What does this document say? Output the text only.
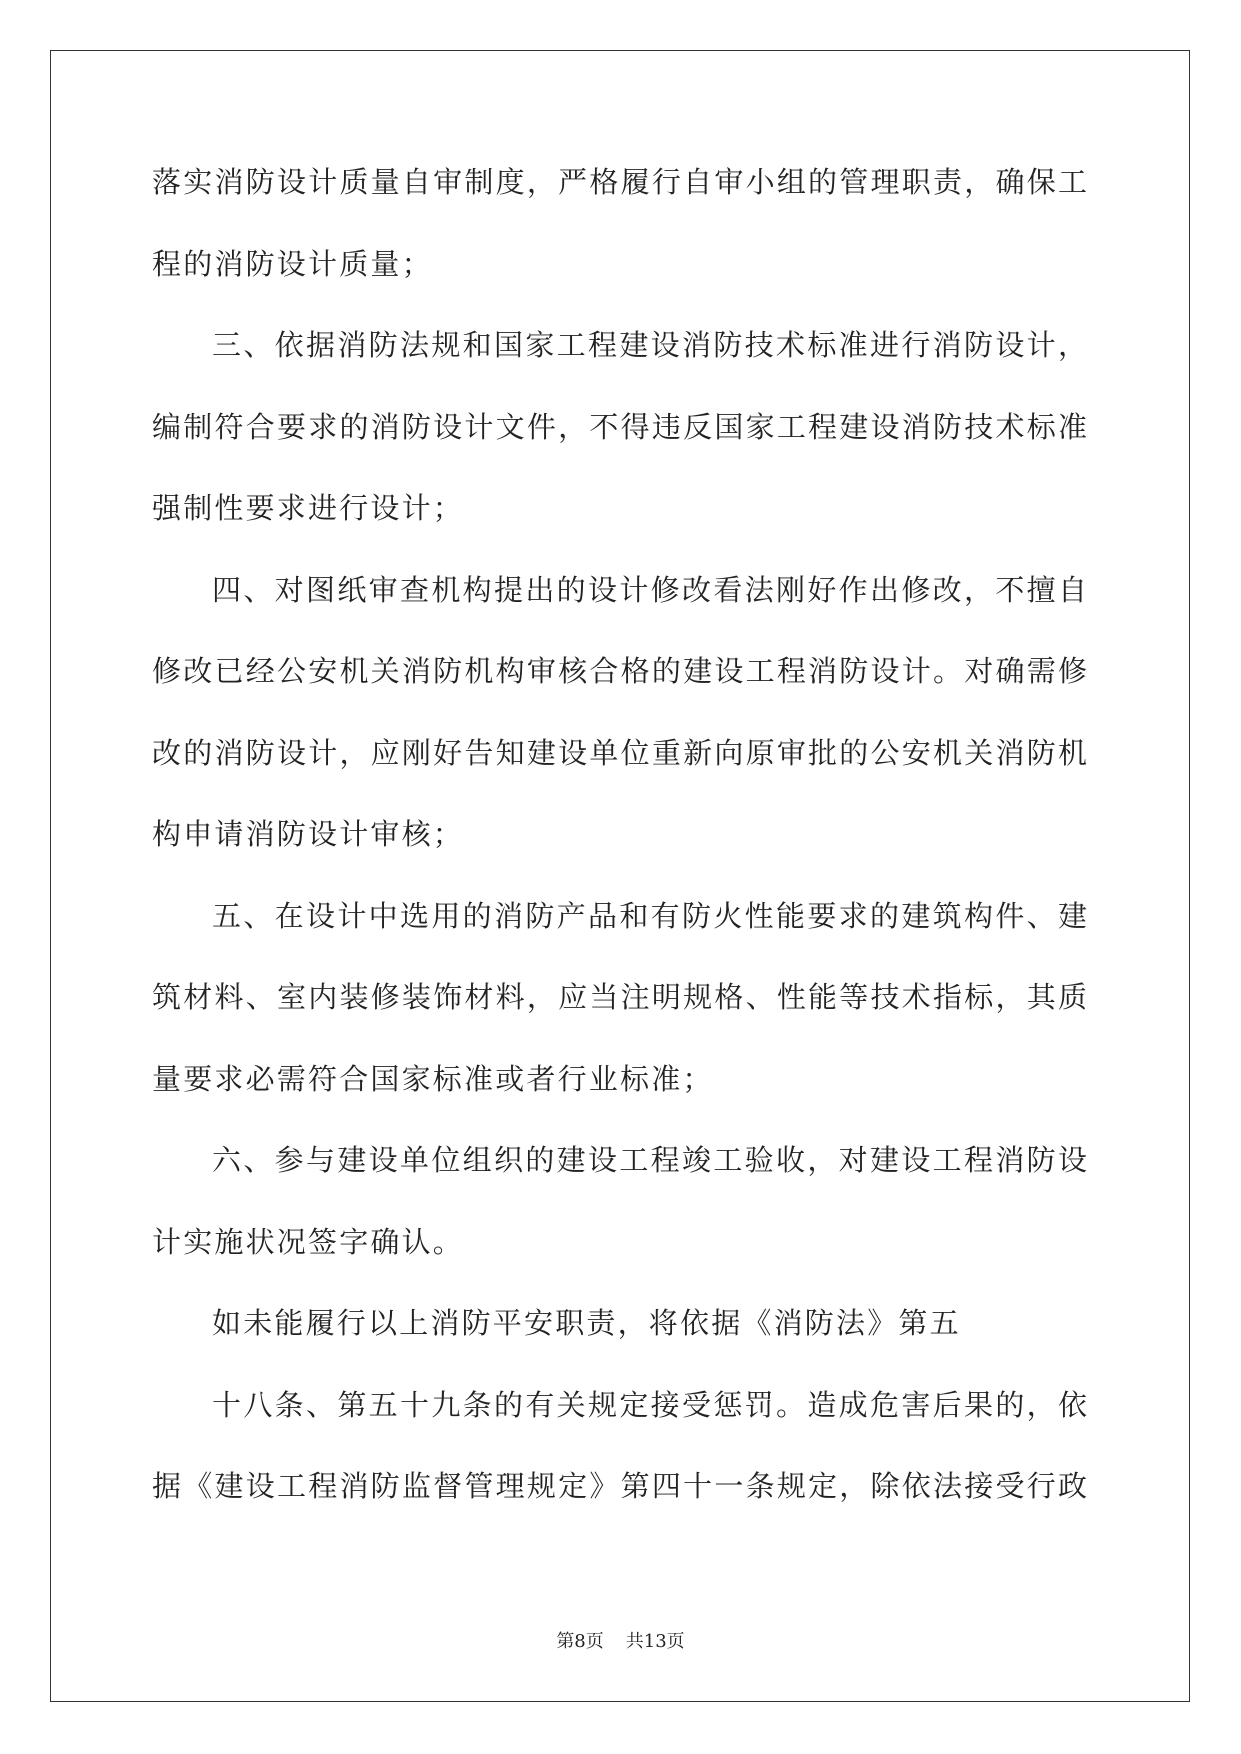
落实消防设计质量自审制度，严格履行自审小组的管理职责，确保工
程的消防设计质量；
三、依据消防法规和国家工程建设消防技术标准进行消防设计，
编制符合要求的消防设计文件，不得违反国家工程建设消防技术标准
强制性要求进行设计；
四、对图纸审查机构提出的设计修改看法刚好作出修改，不擅自
修改已经公安机关消防机构审核合格的建设工程消防设计。对确需修
改的消防设计，应刚好告知建设单位重新向原审批的公安机关消防机
构申请消防设计审核；
五、在设计中选用的消防产品和有防火性能要求的建筑构件、建
筑材料、室内装修装饰材料，应当注明规格、性能等技术指标，其质
量要求必需符合国家标准或者行业标准；
六、参与建设单位组织的建设工程竣工验收，对建设工程消防设
计实施状况签字确认。
如未能履行以上消防平安职责，将依据《消防法》第五
十八条、第五十九条的有关规定接受惩罚。造成危害后果的，依
据《建设工程消防监督管理规定》第四十一条规定，除依法接受行政
第8页 共13页
